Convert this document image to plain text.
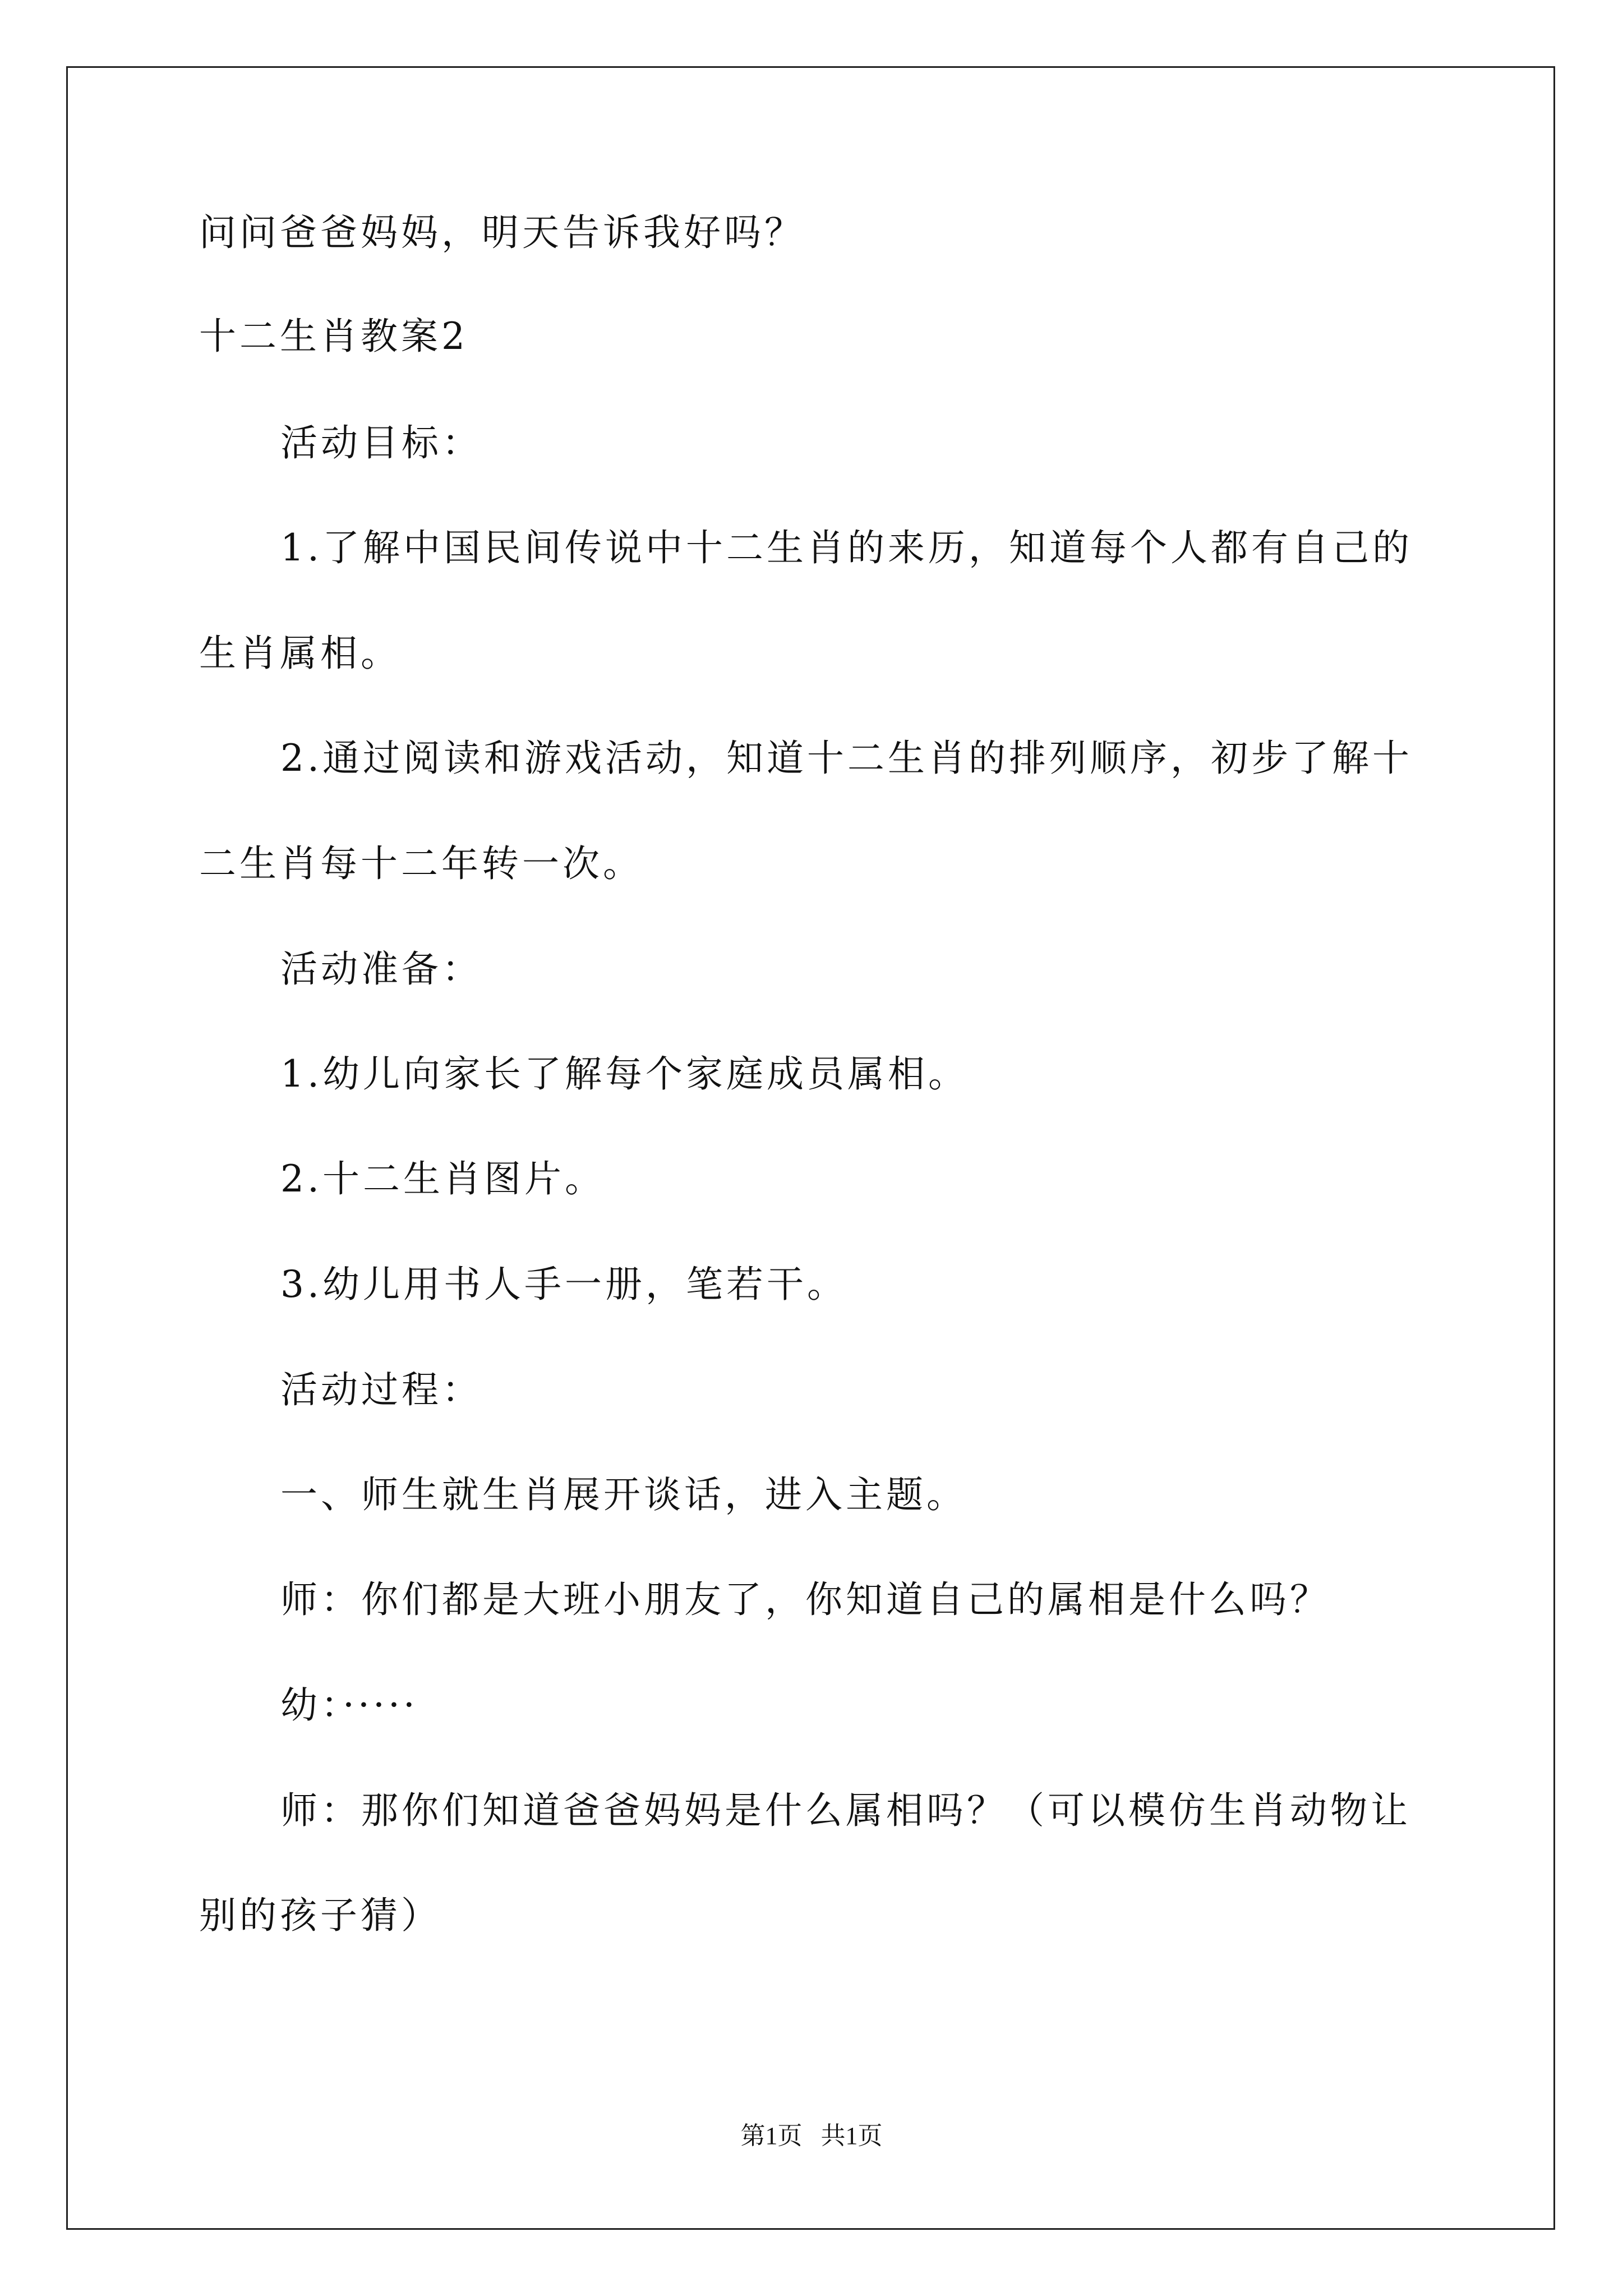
问问爸爸妈妈，明天告诉我好吗？
十二生肖教案2
活动目标：
1.了解中国民间传说中十二生肖的来历，知道每个人都有自己的
生肖属相。
2.通过阅读和游戏活动，知道十二生肖的排列顺序，初步了解十
二生肖每十二年转一次。
活动准备：
1.幼儿向家长了解每个家庭成员属相。
2.十二生肖图片。
3.幼儿用书人手一册，笔若干。
活动过程：
一、师生就生肖展开谈话，进入主题。
师：你们都是大班小朋友了，你知道自己的属相是什么吗？
幼：·····
师：那你们知道爸爸妈妈是什么属相吗？（可以模仿生肖动物让
别的孩子猜）
第1页   共1页
